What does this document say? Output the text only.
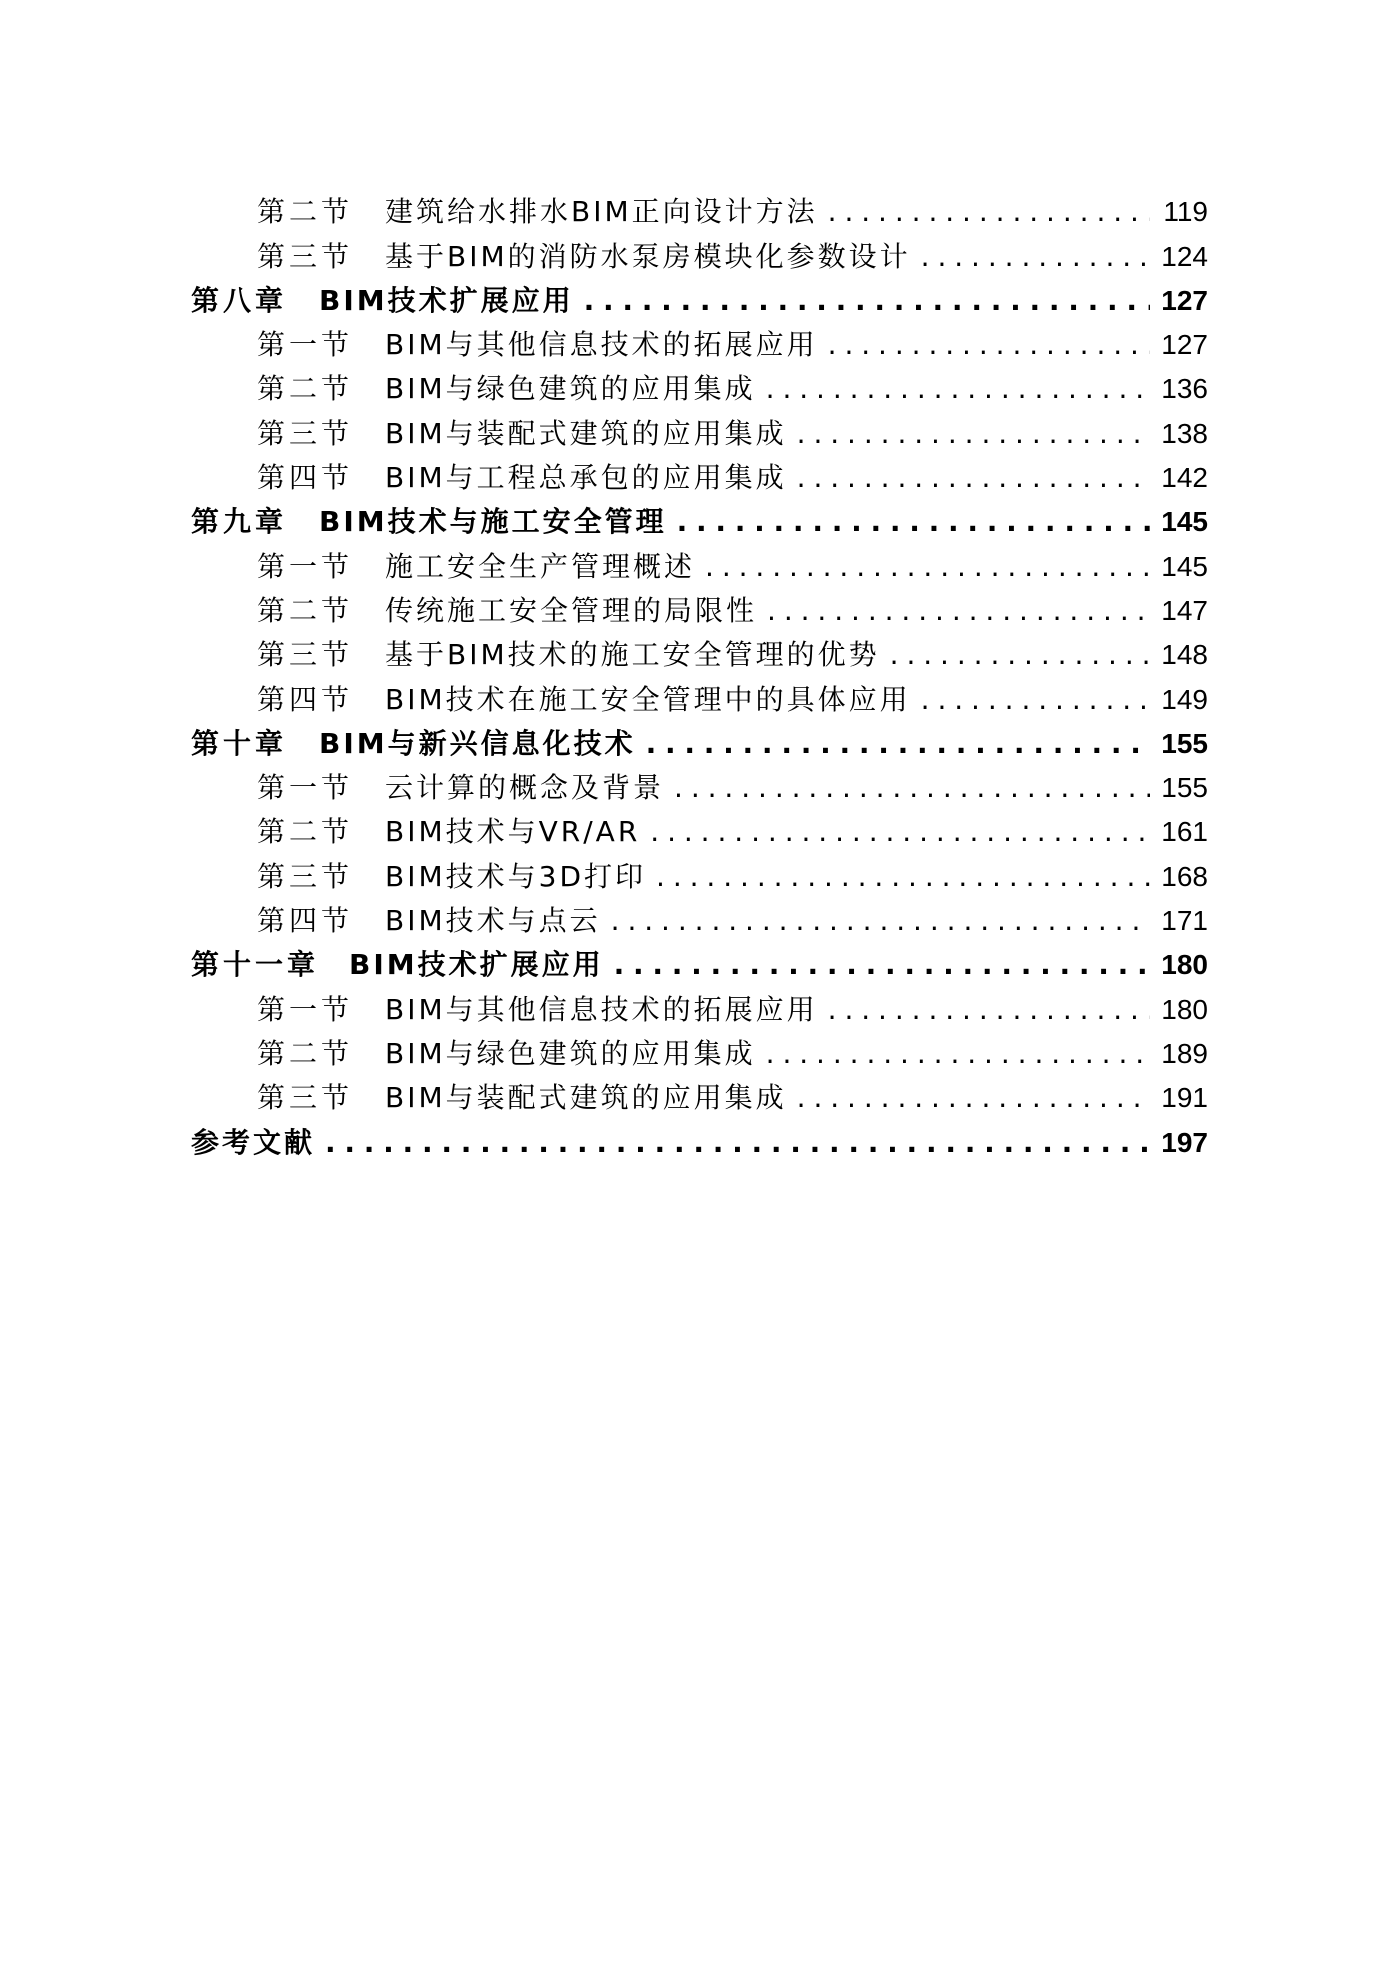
第二节	建筑给水排水BIM正向设计方法 . . .	119
第三节	基于BIM的消防水泵房模块化参数设计 . . .	124
第八章	BIM技术扩展应用 . . .	127
第一节	BIM与其他信息技术的拓展应用 . . .	127
第二节	BIM与绿色建筑的应用集成 . . .	136
第三节	BIM与装配式建筑的应用集成 . . .	138
第四节	BIM与工程总承包的应用集成 . . .	142
第九章	BIM技术与施工安全管理 . . .	145
第一节	施工安全生产管理概述 . . .	145
第二节	传统施工安全管理的局限性 . . .	147
第三节	基于BIM技术的施工安全管理的优势 . . .	148
第四节	BIM技术在施工安全管理中的具体应用 . . .	149
第十章	BIM与新兴信息化技术 . . .	155
第一节	云计算的概念及背景 . . .	155
第二节	BIM技术与VR/AR . . .	161
第三节	BIM技术与3D打印 . . .	168
第四节	BIM技术与点云 . . .	171
第十一章	BIM技术扩展应用 . . .	180
第一节	BIM与其他信息技术的拓展应用 . . .	180
第二节	BIM与绿色建筑的应用集成 . . .	189
第三节	BIM与装配式建筑的应用集成 . . .	191
参考文献 . . .	197
